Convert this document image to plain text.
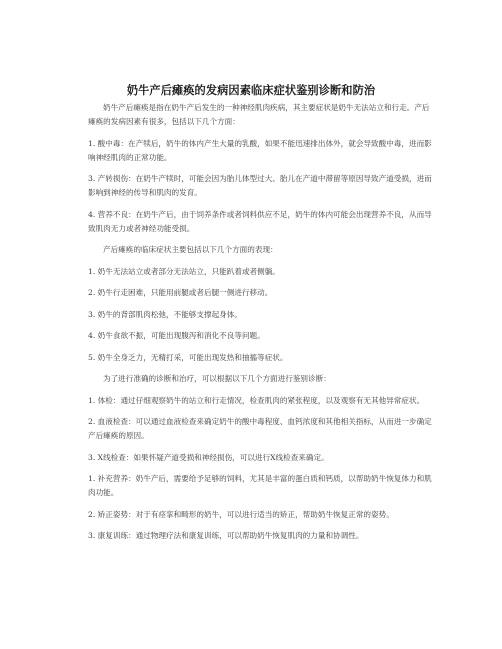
奶牛产后瘫痪的发病因素临床症状鉴别诊断和防治

奶牛产后瘫痪是指在奶牛产后发生的一种神经肌肉疾病，其主要症状是奶牛无法站立和行走。产后瘫痪的发病因素有很多，包括以下几个方面：

1. 酸中毒：在产犊后，奶牛的体内产生大量的乳酸，如果不能迅速排出体外，就会导致酸中毒，进而影响神经肌肉的正常功能。

3. 产转损伤：在奶牛产犊时，可能会因为胎儿体型过大、胎儿在产道中滞留等原因导致产道受损，进而影响到神经的传导和肌肉的发育。

4. 营养不良：在奶牛产后，由于饲养条件或者饲料供应不足，奶牛的体内可能会出现营养不良，从而导致肌肉无力或者神经功能受损。

产后瘫痪的临床症状主要包括以下几个方面的表现：

1. 奶牛无法站立或者部分无法站立，只能趴着或者侧躺。

2. 奶牛行走困难，只能用前腿或者后腿一侧进行移动。

3. 奶牛的背部肌肉松弛，不能够支撑起身体。

4. 奶牛食欲不振，可能出现腹泻和消化不良等问题。

5. 奶牛全身乏力，无精打采，可能出现发热和抽搐等症状。

为了进行准确的诊断和治疗，可以根据以下几个方面进行鉴别诊断：

1. 体检：通过仔细观察奶牛的站立和行走情况，检查肌肉的紧张程度，以及观察有无其他异常症状。

2. 血液检查：可以通过血液检查来确定奶牛的酸中毒程度、血钙浓度和其他相关指标，从而进一步确定产后瘫痪的原因。

3. X线检查：如果怀疑产道受损和神经损伤，可以进行X线检查来确定。

1. 补充营养：奶牛产后，需要给予足够的饲料，尤其是丰富的蛋白质和钙质，以帮助奶牛恢复体力和肌肉功能。

2. 矫正姿势：对于有痉挛和畸形的奶牛，可以进行适当的矫正，帮助奶牛恢复正常的姿势。

3. 康复训练：通过物理疗法和康复训练，可以帮助奶牛恢复肌肉的力量和协调性。
